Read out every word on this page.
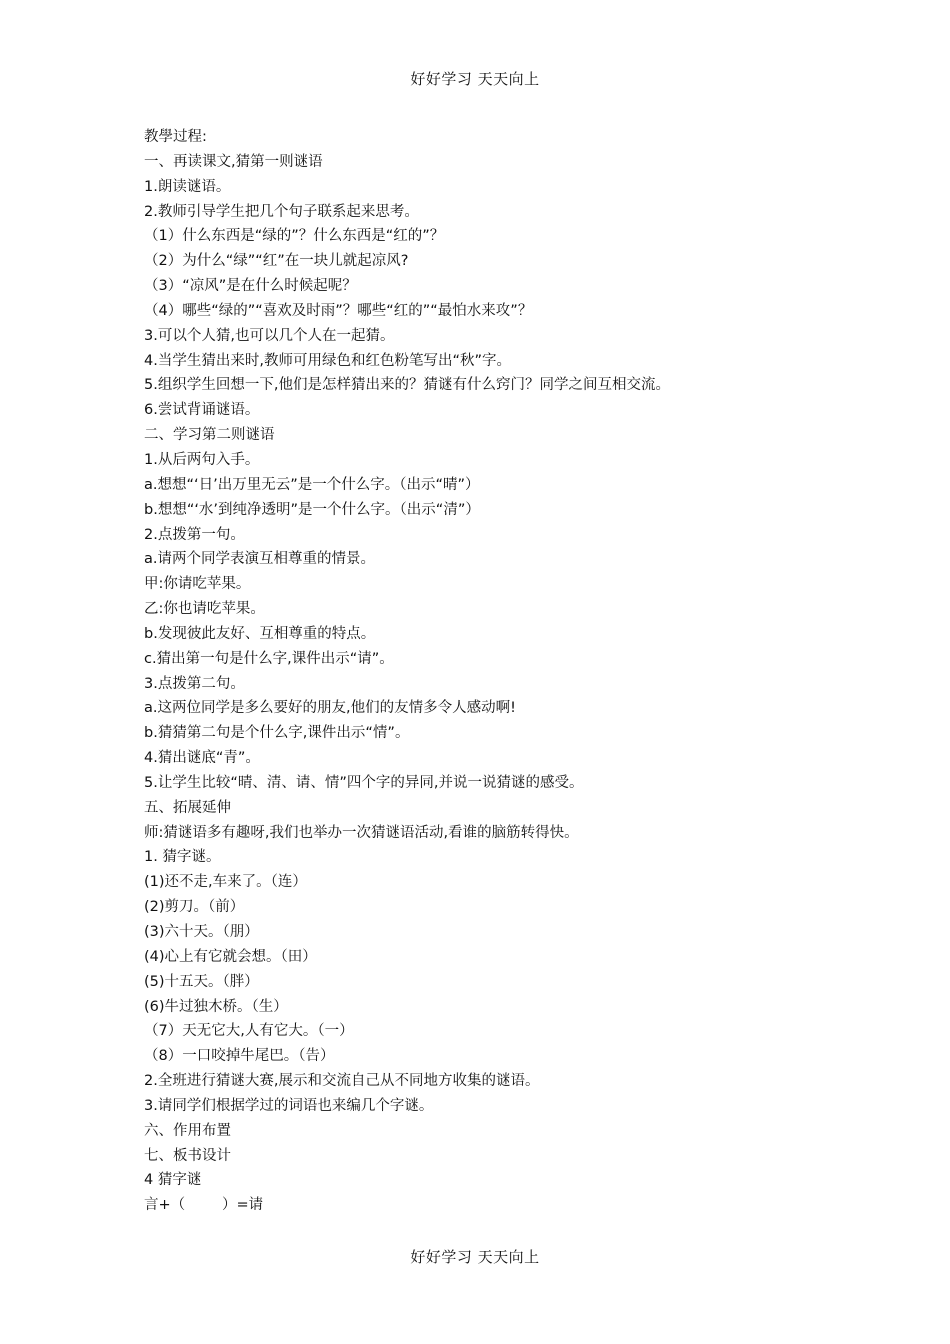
好好学习 天天向上
教學过程:
一、再读课文,猜第一则谜语
1.朗读谜语。
2.教师引导学生把几个句子联系起来思考。
（1）什么东西是“绿的”？什么东西是“红的”？
（2）为什么“绿”“红”在一块儿就起凉风?
（3）“凉风”是在什么时候起呢？
（4）哪些“绿的”“喜欢及时雨”？哪些“红的”“最怕水来攻”？
3.可以个人猜,也可以几个人在一起猜。
4.当学生猜出来时,教师可用绿色和红色粉笔写出“秋”字。
5.组织学生回想一下,他们是怎样猜出来的？猜谜有什么窍门？同学之间互相交流。
6.尝试背诵谜语。
二、学习第二则谜语
1.从后两句入手。
a.想想“‘日’出万里无云”是一个什么字。（出示“晴”）
b.想想“‘水’到纯净透明”是一个什么字。（出示“清”）
2.点拨第一句。
a.请两个同学表演互相尊重的情景。
甲:你请吃苹果。
乙:你也请吃苹果。
b.发现彼此友好、互相尊重的特点。
c.猜出第一句是什么字,课件出示“请”。
3.点拨第二句。
a.这两位同学是多么要好的朋友,他们的友情多令人感动啊!
b.猜猜第二句是个什么字,课件出示“情”。
4.猜出谜底“青”。
5.让学生比较“晴、清、请、情”四个字的异同,并说一说猜谜的感受。
五、拓展延伸
师:猜谜语多有趣呀,我们也举办一次猜谜语活动,看谁的脑筋转得快。
1. 猜字谜。
(1)还不走,车来了。（连）
(2)剪刀。（前）
(3)六十天。（朋）
(4)心上有它就会想。（田）
(5)十五天。（胖）
(6)牛过独木桥。（生）
（7）天无它大,人有它大。（一）
（8）一口咬掉牛尾巴。（告）
2.全班进行猜谜大赛,展示和交流自己从不同地方收集的谜语。
3.请同学们根据学过的词语也来编几个字谜。
六、作用布置
七、板书设计
4 猜字谜
言+（        ）=请
好好学习 天天向上
